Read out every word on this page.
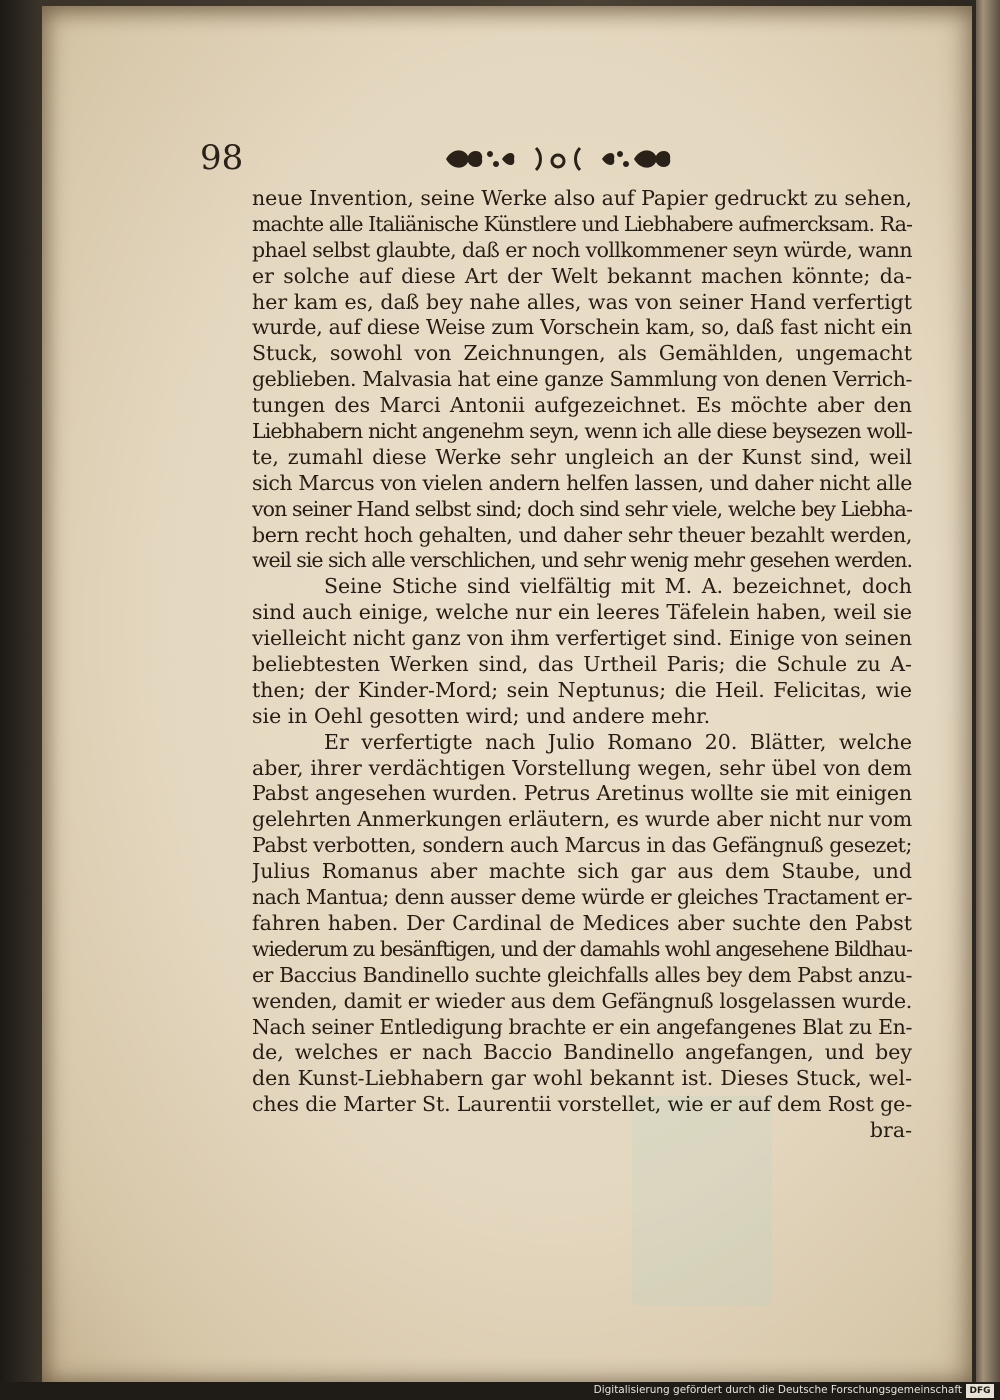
98
neue Invention, seine Werke also auf Papier gedruckt zu sehen,
machte alle Italiänische Künstlere und Liebhabere aufmercksam. Ra-
phael selbst glaubte, daß er noch vollkommener seyn würde, wann
er solche auf diese Art der Welt bekannt machen könnte; da-
her kam es, daß bey nahe alles, was von seiner Hand verfertigt
wurde, auf diese Weise zum Vorschein kam, so, daß fast nicht ein
Stuck, sowohl von Zeichnungen, als Gemählden, ungemacht
geblieben. Malvasia hat eine ganze Sammlung von denen Verrich-
tungen des Marci Antonii aufgezeichnet. Es möchte aber den
Liebhabern nicht angenehm seyn, wenn ich alle diese beysezen woll-
te, zumahl diese Werke sehr ungleich an der Kunst sind, weil
sich Marcus von vielen andern helfen lassen, und daher nicht alle
von seiner Hand selbst sind; doch sind sehr viele, welche bey Liebha-
bern recht hoch gehalten, und daher sehr theuer bezahlt werden,
weil sie sich alle verschlichen, und sehr wenig mehr gesehen werden.
Seine Stiche sind vielfältig mit M. A. bezeichnet, doch
sind auch einige, welche nur ein leeres Täfelein haben, weil sie
vielleicht nicht ganz von ihm verfertiget sind. Einige von seinen
beliebtesten Werken sind, das Urtheil Paris; die Schule zu A-
then; der Kinder-Mord; sein Neptunus; die Heil. Felicitas, wie
sie in Oehl gesotten wird; und andere mehr.
Er verfertigte nach Julio Romano 20. Blätter, welche
aber, ihrer verdächtigen Vorstellung wegen, sehr übel von dem
Pabst angesehen wurden. Petrus Aretinus wollte sie mit einigen
gelehrten Anmerkungen erläutern, es wurde aber nicht nur vom
Pabst verbotten, sondern auch Marcus in das Gefängnuß gesezet;
Julius Romanus aber machte sich gar aus dem Staube, und
nach Mantua; denn ausser deme würde er gleiches Tractament er-
fahren haben. Der Cardinal de Medices aber suchte den Pabst
wiederum zu besänftigen, und der damahls wohl angesehene Bildhau-
er Baccius Bandinello suchte gleichfalls alles bey dem Pabst anzu-
wenden, damit er wieder aus dem Gefängnuß losgelassen wurde.
Nach seiner Entledigung brachte er ein angefangenes Blat zu En-
de, welches er nach Baccio Bandinello angefangen, und bey
den Kunst-Liebhabern gar wohl bekannt ist. Dieses Stuck, wel-
ches die Marter St. Laurentii vorstellet, wie er auf dem Rost ge-
bra-
Digitalisierung gefördert durch die Deutsche Forschungsgemeinschaft DFG
